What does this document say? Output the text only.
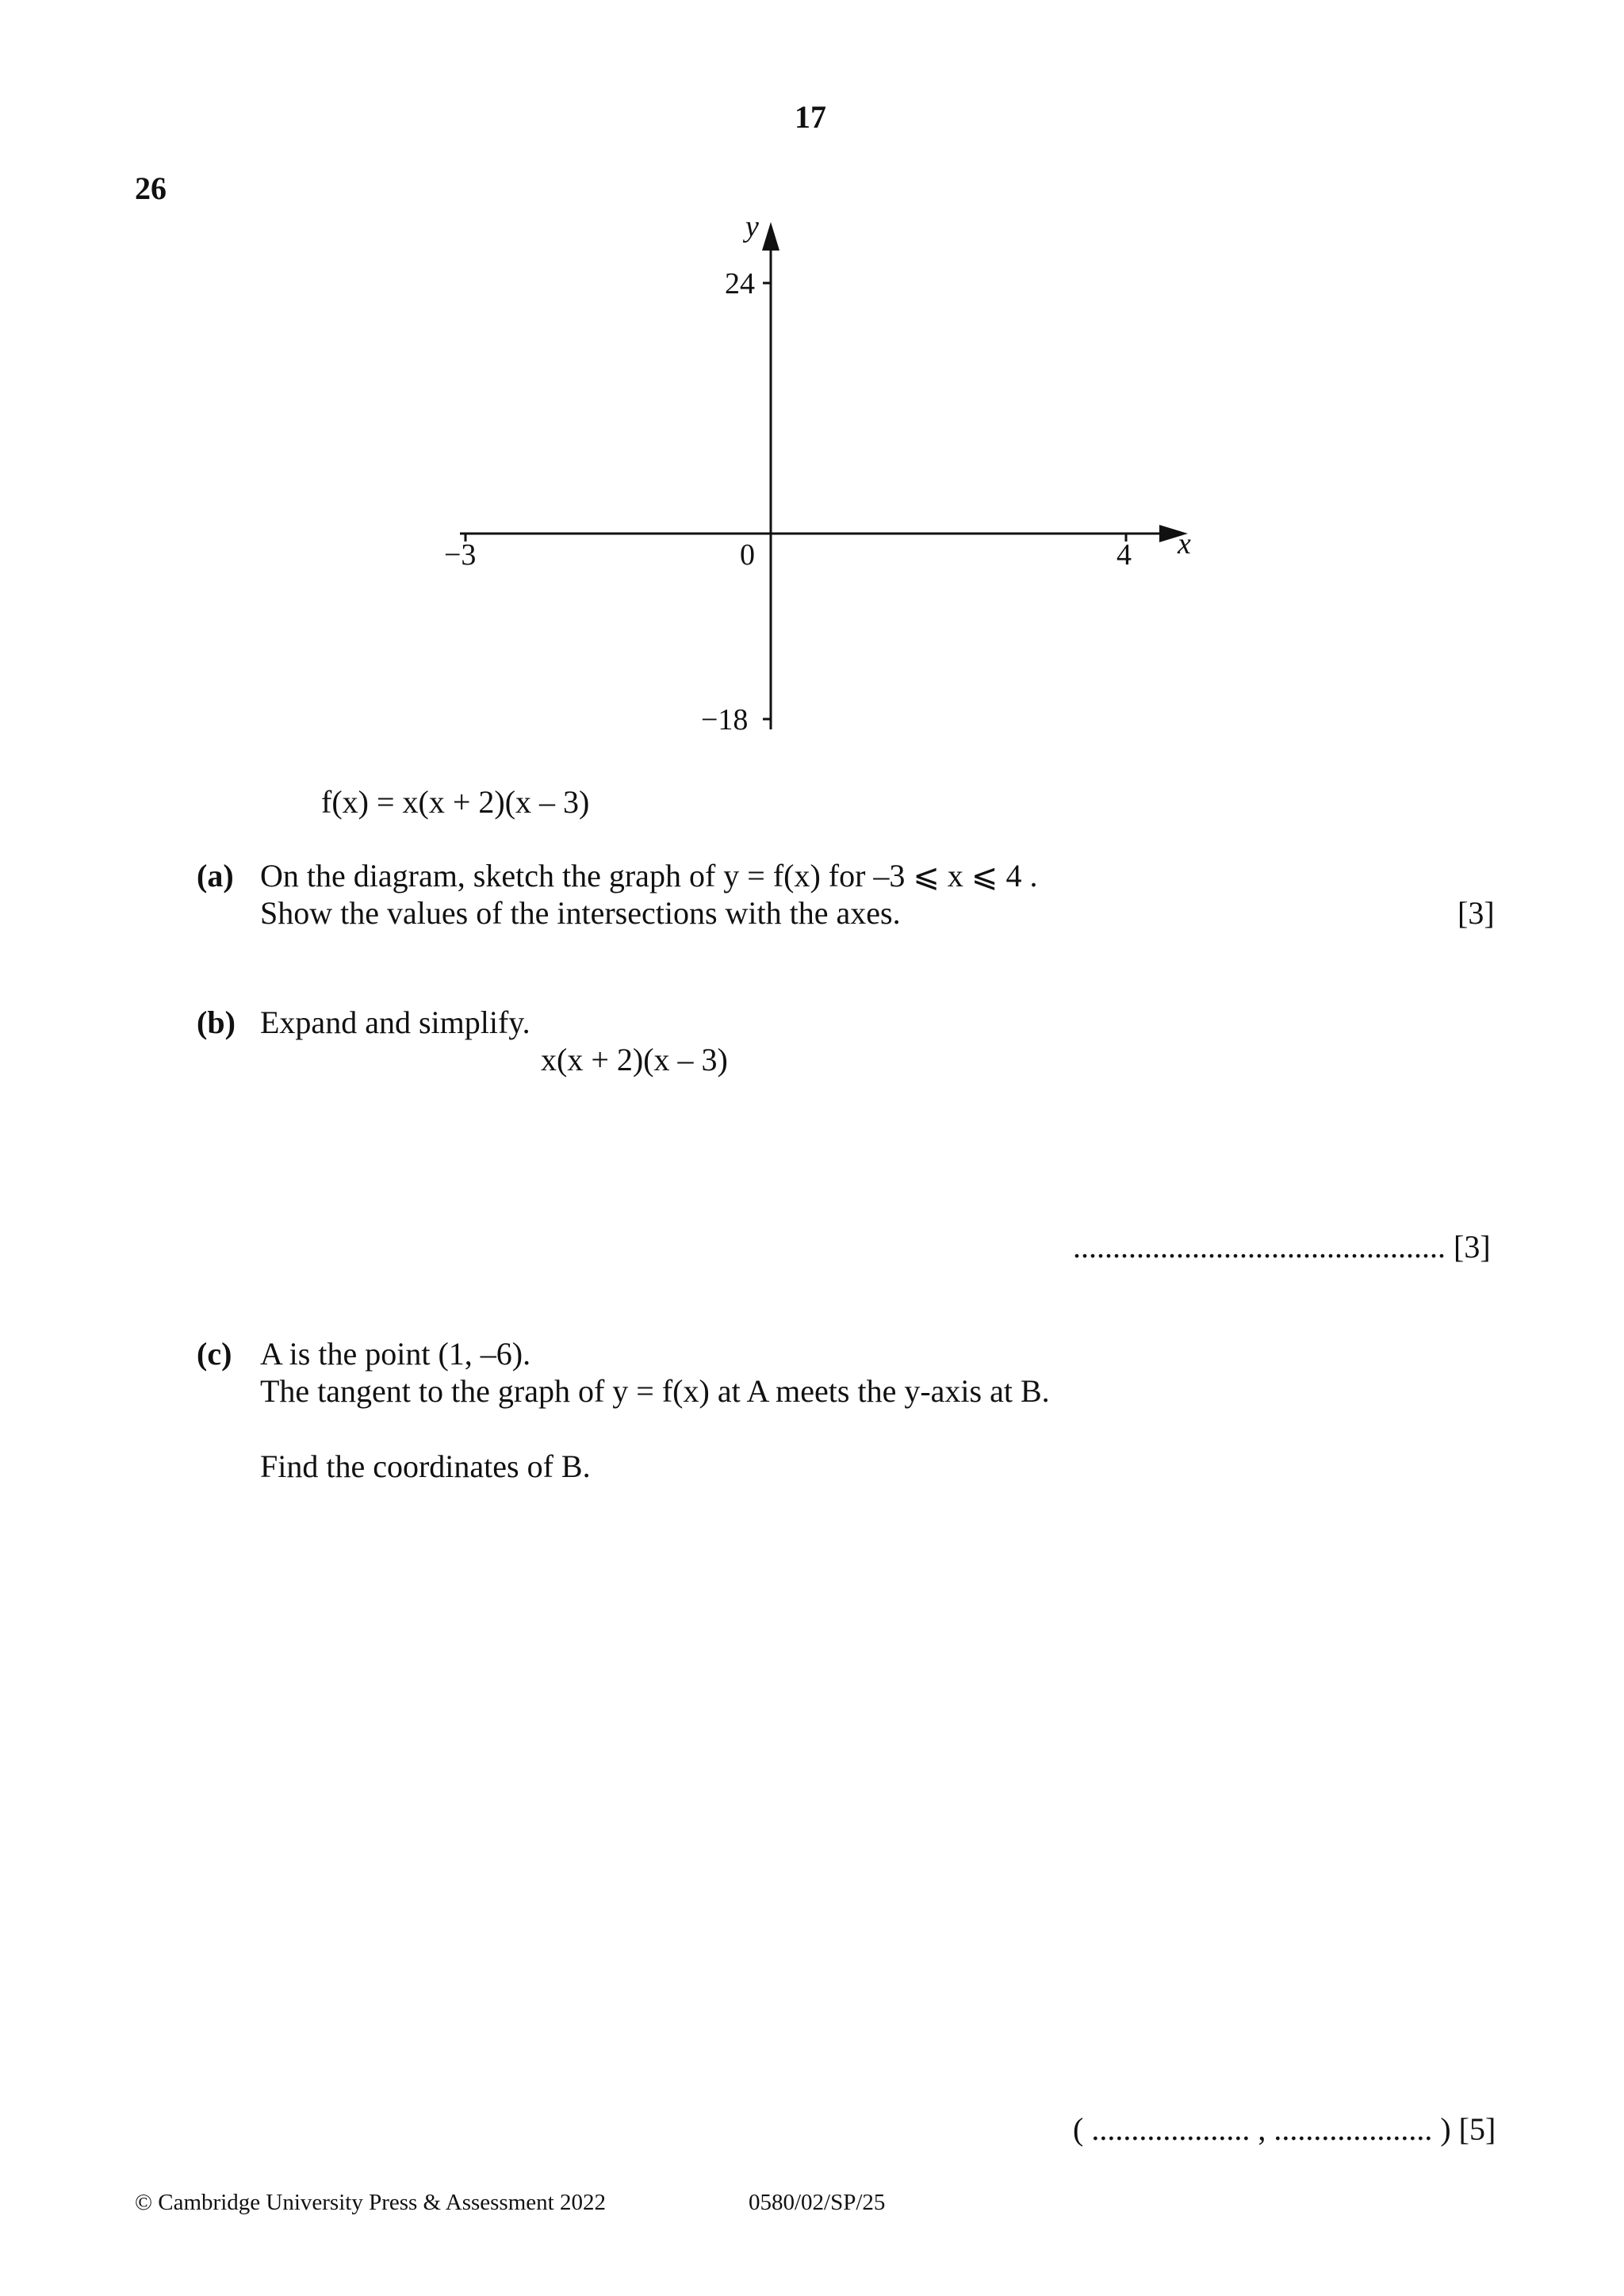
17
26
y
x
24
−18
−3	0	4
f(x) = x(x + 2)(x – 3)
(a) On the diagram, sketch the graph of y = f(x) for –3 ⩽ x ⩽ 4 .
Show the values of the intersections with the axes.	[3]
(b) Expand and simplify.
x(x + 2)(x – 3)
............................................... [3]
(c) A is the point (1, –6).
The tangent to the graph of y = f(x) at A meets the y-axis at B.
Find the coordinates of B.
( .................... , .................... ) [5]
© Cambridge University Press & Assessment 2022	0580/02/SP/25
